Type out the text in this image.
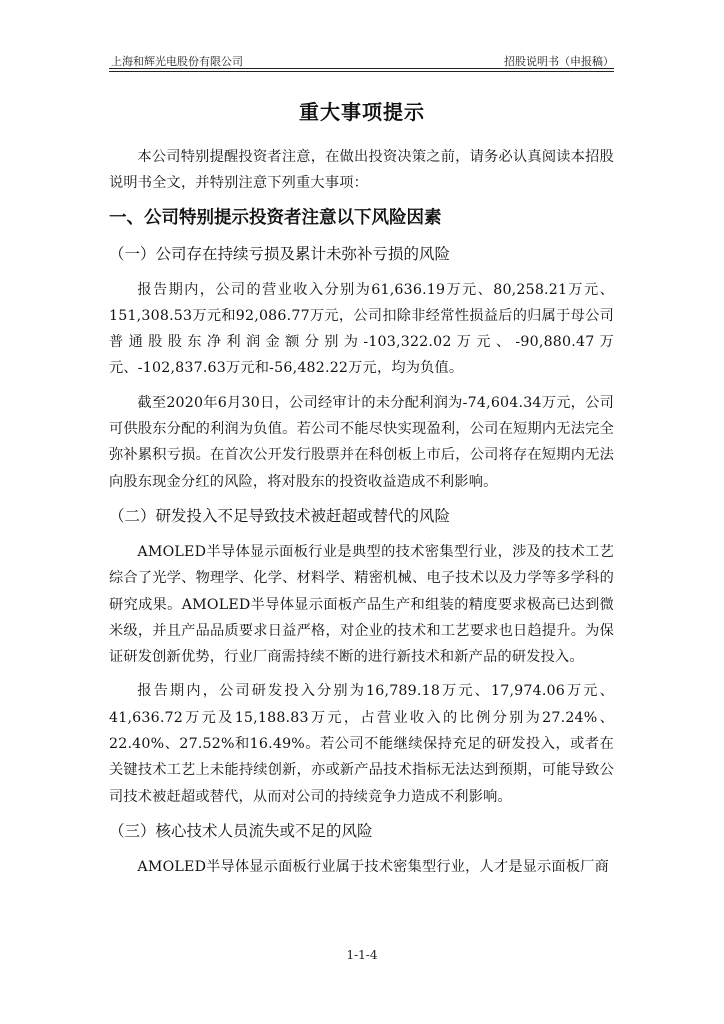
上海和辉光电股份有限公司	招股说明书（申报稿）
重大事项提示

本公司特别提醒投资者注意，在做出投资决策之前，请务必认真阅读本招股说明书全文，并特别注意下列重大事项：

一、公司特别提示投资者注意以下风险因素
（一）公司存在持续亏损及累计未弥补亏损的风险

报告期内，公司的营业收入分别为61,636.19万元、80,258.21万元、151,308.53万元和92,086.77万元，公司扣除非经常性损益后的归属于母公司普通股股东净利润金额分别为-103,322.02万元、-90,880.47万元、-102,837.63万元和-56,482.22万元，均为负值。

截至2020年6月30日，公司经审计的未分配利润为-74,604.34万元，公司可供股东分配的利润为负值。若公司不能尽快实现盈利，公司在短期内无法完全弥补累积亏损。在首次公开发行股票并在科创板上市后，公司将存在短期内无法向股东现金分红的风险，将对股东的投资收益造成不利影响。

（二）研发投入不足导致技术被赶超或替代的风险

AMOLED半导体显示面板行业是典型的技术密集型行业，涉及的技术工艺综合了光学、物理学、化学、材料学、精密机械、电子技术以及力学等多学科的研究成果。AMOLED半导体显示面板产品生产和组装的精度要求极高已达到微米级，并且产品品质要求日益严格，对企业的技术和工艺要求也日趋提升。为保证研发创新优势，行业厂商需持续不断的进行新技术和新产品的研发投入。

报告期内，公司研发投入分别为16,789.18万元、17,974.06万元、41,636.72万元及15,188.83万元，占营业收入的比例分别为27.24%、22.40%、27.52%和16.49%。若公司不能继续保持充足的研发投入，或者在关键技术工艺上未能持续创新，亦或新产品技术指标无法达到预期，可能导致公司技术被赶超或替代，从而对公司的持续竞争力造成不利影响。

（三）核心技术人员流失或不足的风险

AMOLED半导体显示面板行业属于技术密集型行业，人才是显示面板厂商

1-1-4
